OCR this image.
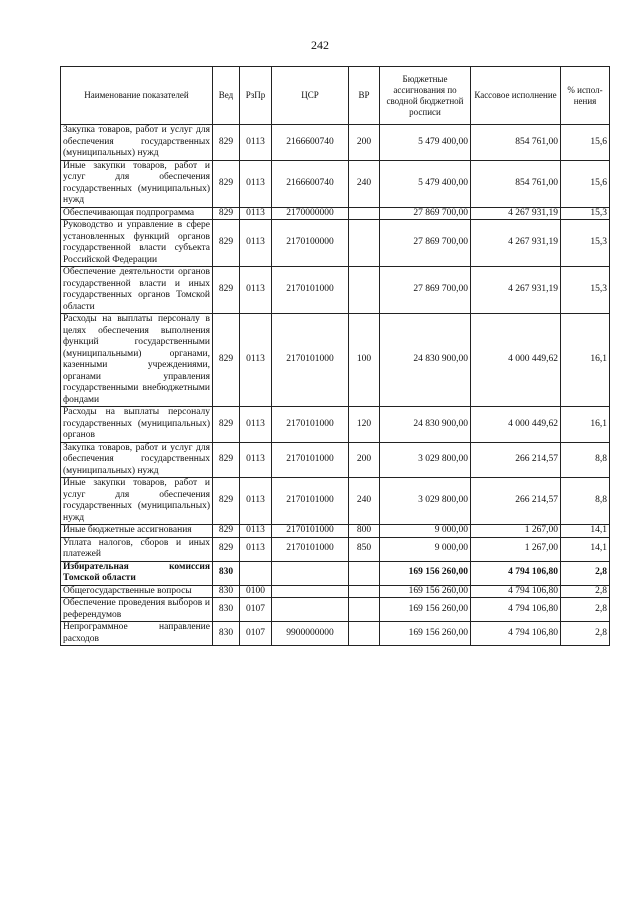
242
Наименование показателей	Вед	РзПр	ЦСР	ВР	Бюджетные ассигнования по сводной бюджетной росписи	Кассовое исполнение	% испол-нения
Закупка товаров, работ и услуг для обеспечения государственных (муниципальных) нужд	829	0113	2166600740	200	5 479 400,00	854 761,00	15,6
Иные закупки товаров, работ и услуг для обеспечения государственных (муниципальных) нужд	829	0113	2166600740	240	5 479 400,00	854 761,00	15,6
Обеспечивающая подпрограмма	829	0113	2170000000		27 869 700,00	4 267 931,19	15,3
Руководство и управление в сфере установленных функций органов государственной власти субъекта Российской Федерации	829	0113	2170100000		27 869 700,00	4 267 931,19	15,3
Обеспечение деятельности органов государственной власти и иных государственных органов Томской области	829	0113	2170101000		27 869 700,00	4 267 931,19	15,3
Расходы на выплаты персоналу в целях обеспечения выполнения функций государственными (муниципальными) органами, казенными учреждениями, органами управления государственными внебюджетными фондами	829	0113	2170101000	100	24 830 900,00	4 000 449,62	16,1
Расходы на выплаты персоналу государственных (муниципальных) органов	829	0113	2170101000	120	24 830 900,00	4 000 449,62	16,1
Закупка товаров, работ и услуг для обеспечения государственных (муниципальных) нужд	829	0113	2170101000	200	3 029 800,00	266 214,57	8,8
Иные закупки товаров, работ и услуг для обеспечения государственных (муниципальных) нужд	829	0113	2170101000	240	3 029 800,00	266 214,57	8,8
Иные бюджетные ассигнования	829	0113	2170101000	800	9 000,00	1 267,00	14,1
Уплата налогов, сборов и иных платежей	829	0113	2170101000	850	9 000,00	1 267,00	14,1
Избирательная комиссия Томской области	830				169 156 260,00	4 794 106,80	2,8
Общегосударственные вопросы	830	0100			169 156 260,00	4 794 106,80	2,8
Обеспечение проведения выборов и референдумов	830	0107			169 156 260,00	4 794 106,80	2,8
Непрограммное направление расходов	830	0107	9900000000		169 156 260,00	4 794 106,80	2,8
